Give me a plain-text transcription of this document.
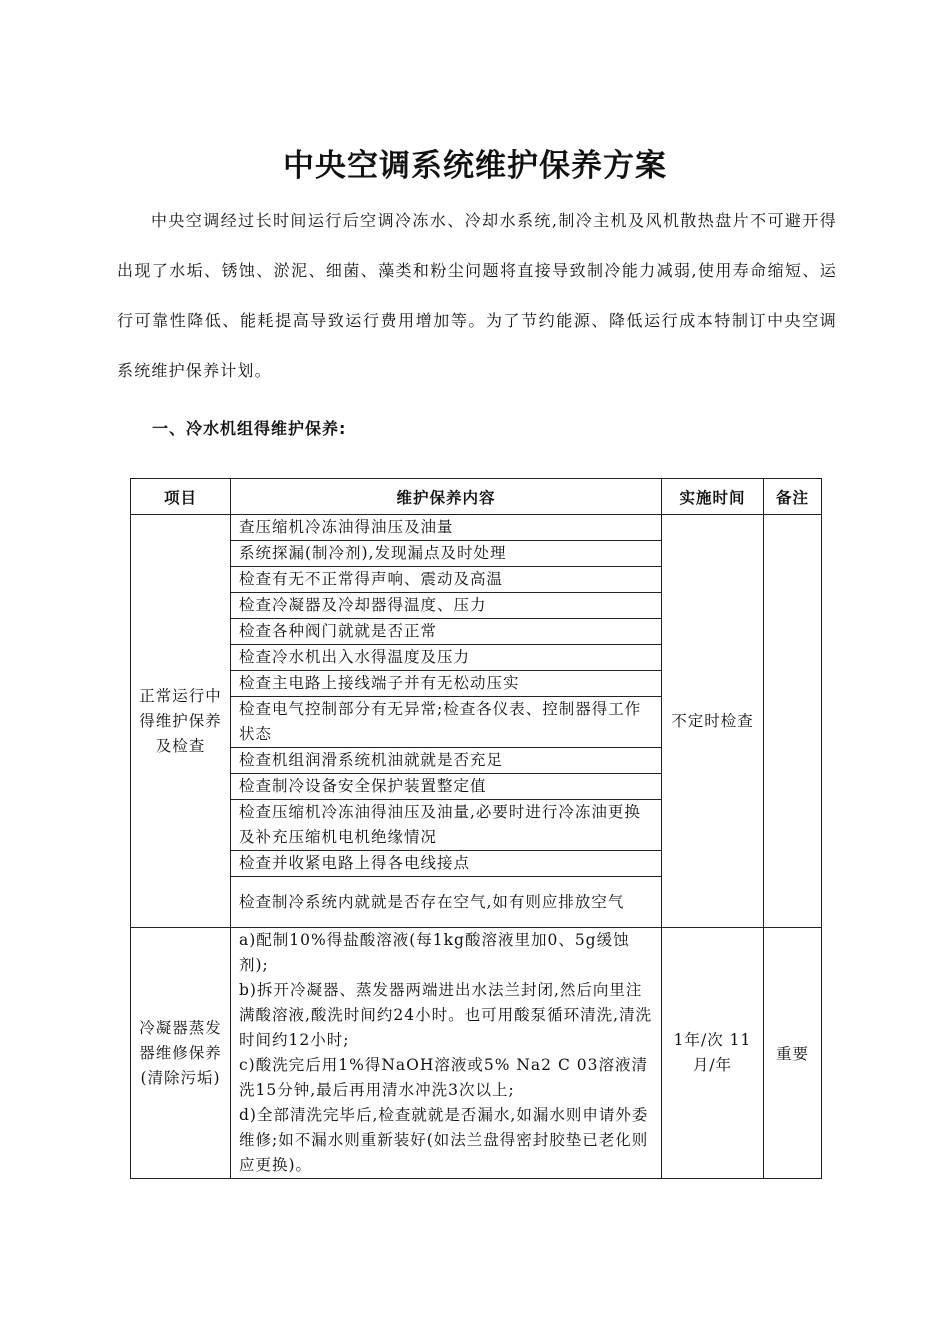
中央空调系统维护保养方案

中央空调经过长时间运行后空调冷冻水、冷却水系统,制冷主机及风机散热盘片不可避开得出现了水垢、锈蚀、淤泥、细菌、藻类和粉尘问题将直接导致制冷能力减弱,使用寿命缩短、运行可靠性降低、能耗提高导致运行费用增加等。为了节约能源、降低运行成本特制订中央空调系统维护保养计划。

一、冷水机组得维护保养:
项目	维护保养内容	实施时间	备注
正常运行中得维护保养及检查	查压缩机冷冻油得油压及油量	不定时检查	
	系统探漏(制冷剂),发现漏点及时处理		
	检查有无不正常得声响、震动及高温		
	检查冷凝器及冷却器得温度、压力		
	检查各种阀门就就是否正常		
	检查冷水机出入水得温度及压力		
	检查主电路上接线端子并有无松动压实		
	检查电气控制部分有无异常;检查各仪表、控制器得工作状态		
	检查机组润滑系统机油就就是否充足		
	检查制冷设备安全保护装置整定值		
	检查压缩机冷冻油得油压及油量,必要时进行冷冻油更换及补充压缩机电机绝缘情况		
	检查并收紧电路上得各电线接点		
	检查制冷系统内就就是否存在空气,如有则应排放空气		
冷凝器蒸发器维修保养(清除污垢)	a)配制10%得盐酸溶液(每1kg酸溶液里加0、5g缓蚀剂);

b)拆开冷凝器、蒸发器两端进出水法兰封闭,然后向里注满酸溶液,酸洗时间约24小时。也可用酸泵循环清洗,清洗时间约12小时;

c)酸洗完后用1%得NaOH溶液或5% Na2 C 03溶液清洗15分钟,最后再用清水冲洗3次以上;

d)全部清洗完毕后,检查就就是否漏水,如漏水则申请外委维修;如不漏水则重新装好(如法兰盘得密封胶垫已老化则应更换)。	1年/次 11月/年	重要
